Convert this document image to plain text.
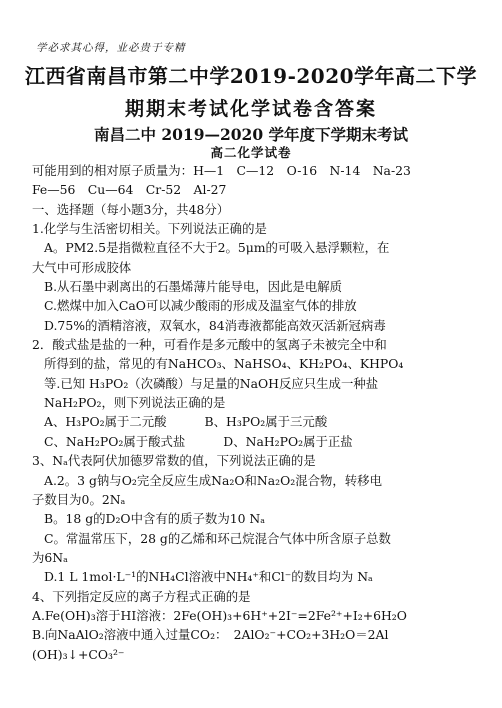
学必求其心得，业必贵于专精
江西省南昌市第二中学2019-2020学年高二下学
期期末考试化学试卷含答案
南昌二中 2019—2020 学年度下学期末考试
高二化学试卷
可能用到的相对原子质量为：H—1　C—12　O-16　N-14　Na-23
Fe—56　Cu—64　Cr-52　Al-27
一、选择题（每小题3分，共48分）
1.化学与生活密切相关。下列说法正确的是
A。PM2.5是指微粒直径不大于2。5μm的可吸入悬浮颗粒，在
大气中可形成胶体
B.从石墨中剥离出的石墨烯薄片能导电，因此是电解质
C.燃煤中加入CaO可以减少酸雨的形成及温室气体的排放
D.75%的酒精溶液，双氧水，84消毒液都能高效灭活新冠病毒
2．酸式盐是盐的一种，可看作是多元酸中的氢离子未被完全中和
所得到的盐，常见的有NaHCO₃、NaHSO₄、KH₂PO₄、KHPO₄
等.已知 H₃PO₂（次磷酸）与足量的NaOH反应只生成一种盐
NaH₂PO₂，则下列说法正确的是
A、H₃PO₂属于二元酸	B、H₃PO₂属于三元酸
C、NaH₂PO₂属于酸式盐	D、NaH₂PO₂属于正盐
3、Nₐ代表阿伏加德罗常数的值，下列说法正确的是
A.2。3 g钠与O₂完全反应生成Na₂O和Na₂O₂混合物，转移电
子数目为0。2Nₐ
B。18 g的D₂O中含有的质子数为10 Nₐ
C。常温常压下，28 g的乙烯和环己烷混合气体中所含原子总数
为6Nₐ
D.1 L 1mol·L⁻¹的NH₄Cl溶液中NH₄⁺和Cl⁻的数目均为 Nₐ
4、下列指定反应的离子方程式正确的是
A.Fe(OH)₃溶于HI溶液：2Fe(OH)₃+6H⁺+2I⁻=2Fe²⁺+I₂+6H₂O
B.向NaAlO₂溶液中通入过量CO₂：　2AlO₂⁻+CO₂+3H₂O＝2Al
(OH)₃↓+CO₃²⁻
